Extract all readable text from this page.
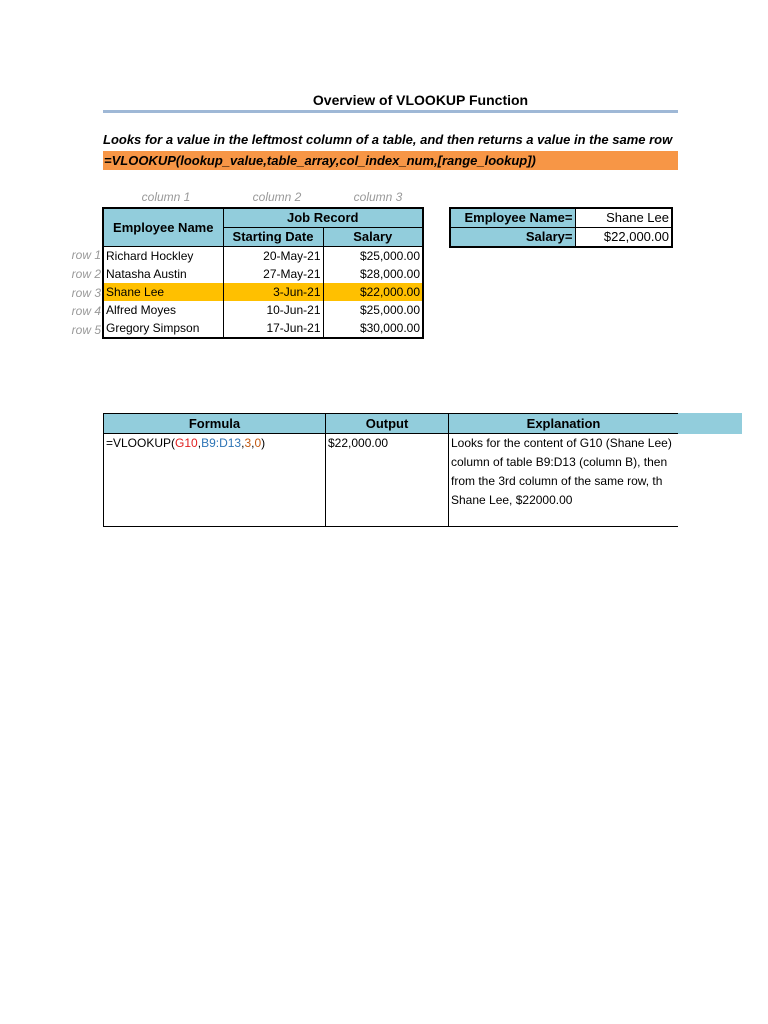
Overview of VLOOKUP Function
Looks for a value in the leftmost column of a table, and then returns a value in the same row
=VLOOKUP(lookup_value,table_array,col_index_num,[range_lookup])
column 1	column 2	column 3
row 1
row 2
row 3
row 4
row 5
Employee Name	Job Record	
	Starting Date	Salary
Richard Hockley	20-May-21	$25,000.00
Natasha Austin	27-May-21	$28,000.00
Shane Lee	3-Jun-21	$22,000.00
Alfred Moyes	10-Jun-21	$25,000.00
Gregory Simpson	17-Jun-21	$30,000.00
Employee Name=	Shane Lee
Salary=	$22,000.00
Formula	Output	Explanation
=VLOOKUP(G10,B9:D13,3,0)	$22,000.00	Looks for the content of G10 (Shane Lee)
column of table B9:D13 (column B), then
from the 3rd column of the same row, th
Shane Lee, $22000.00
